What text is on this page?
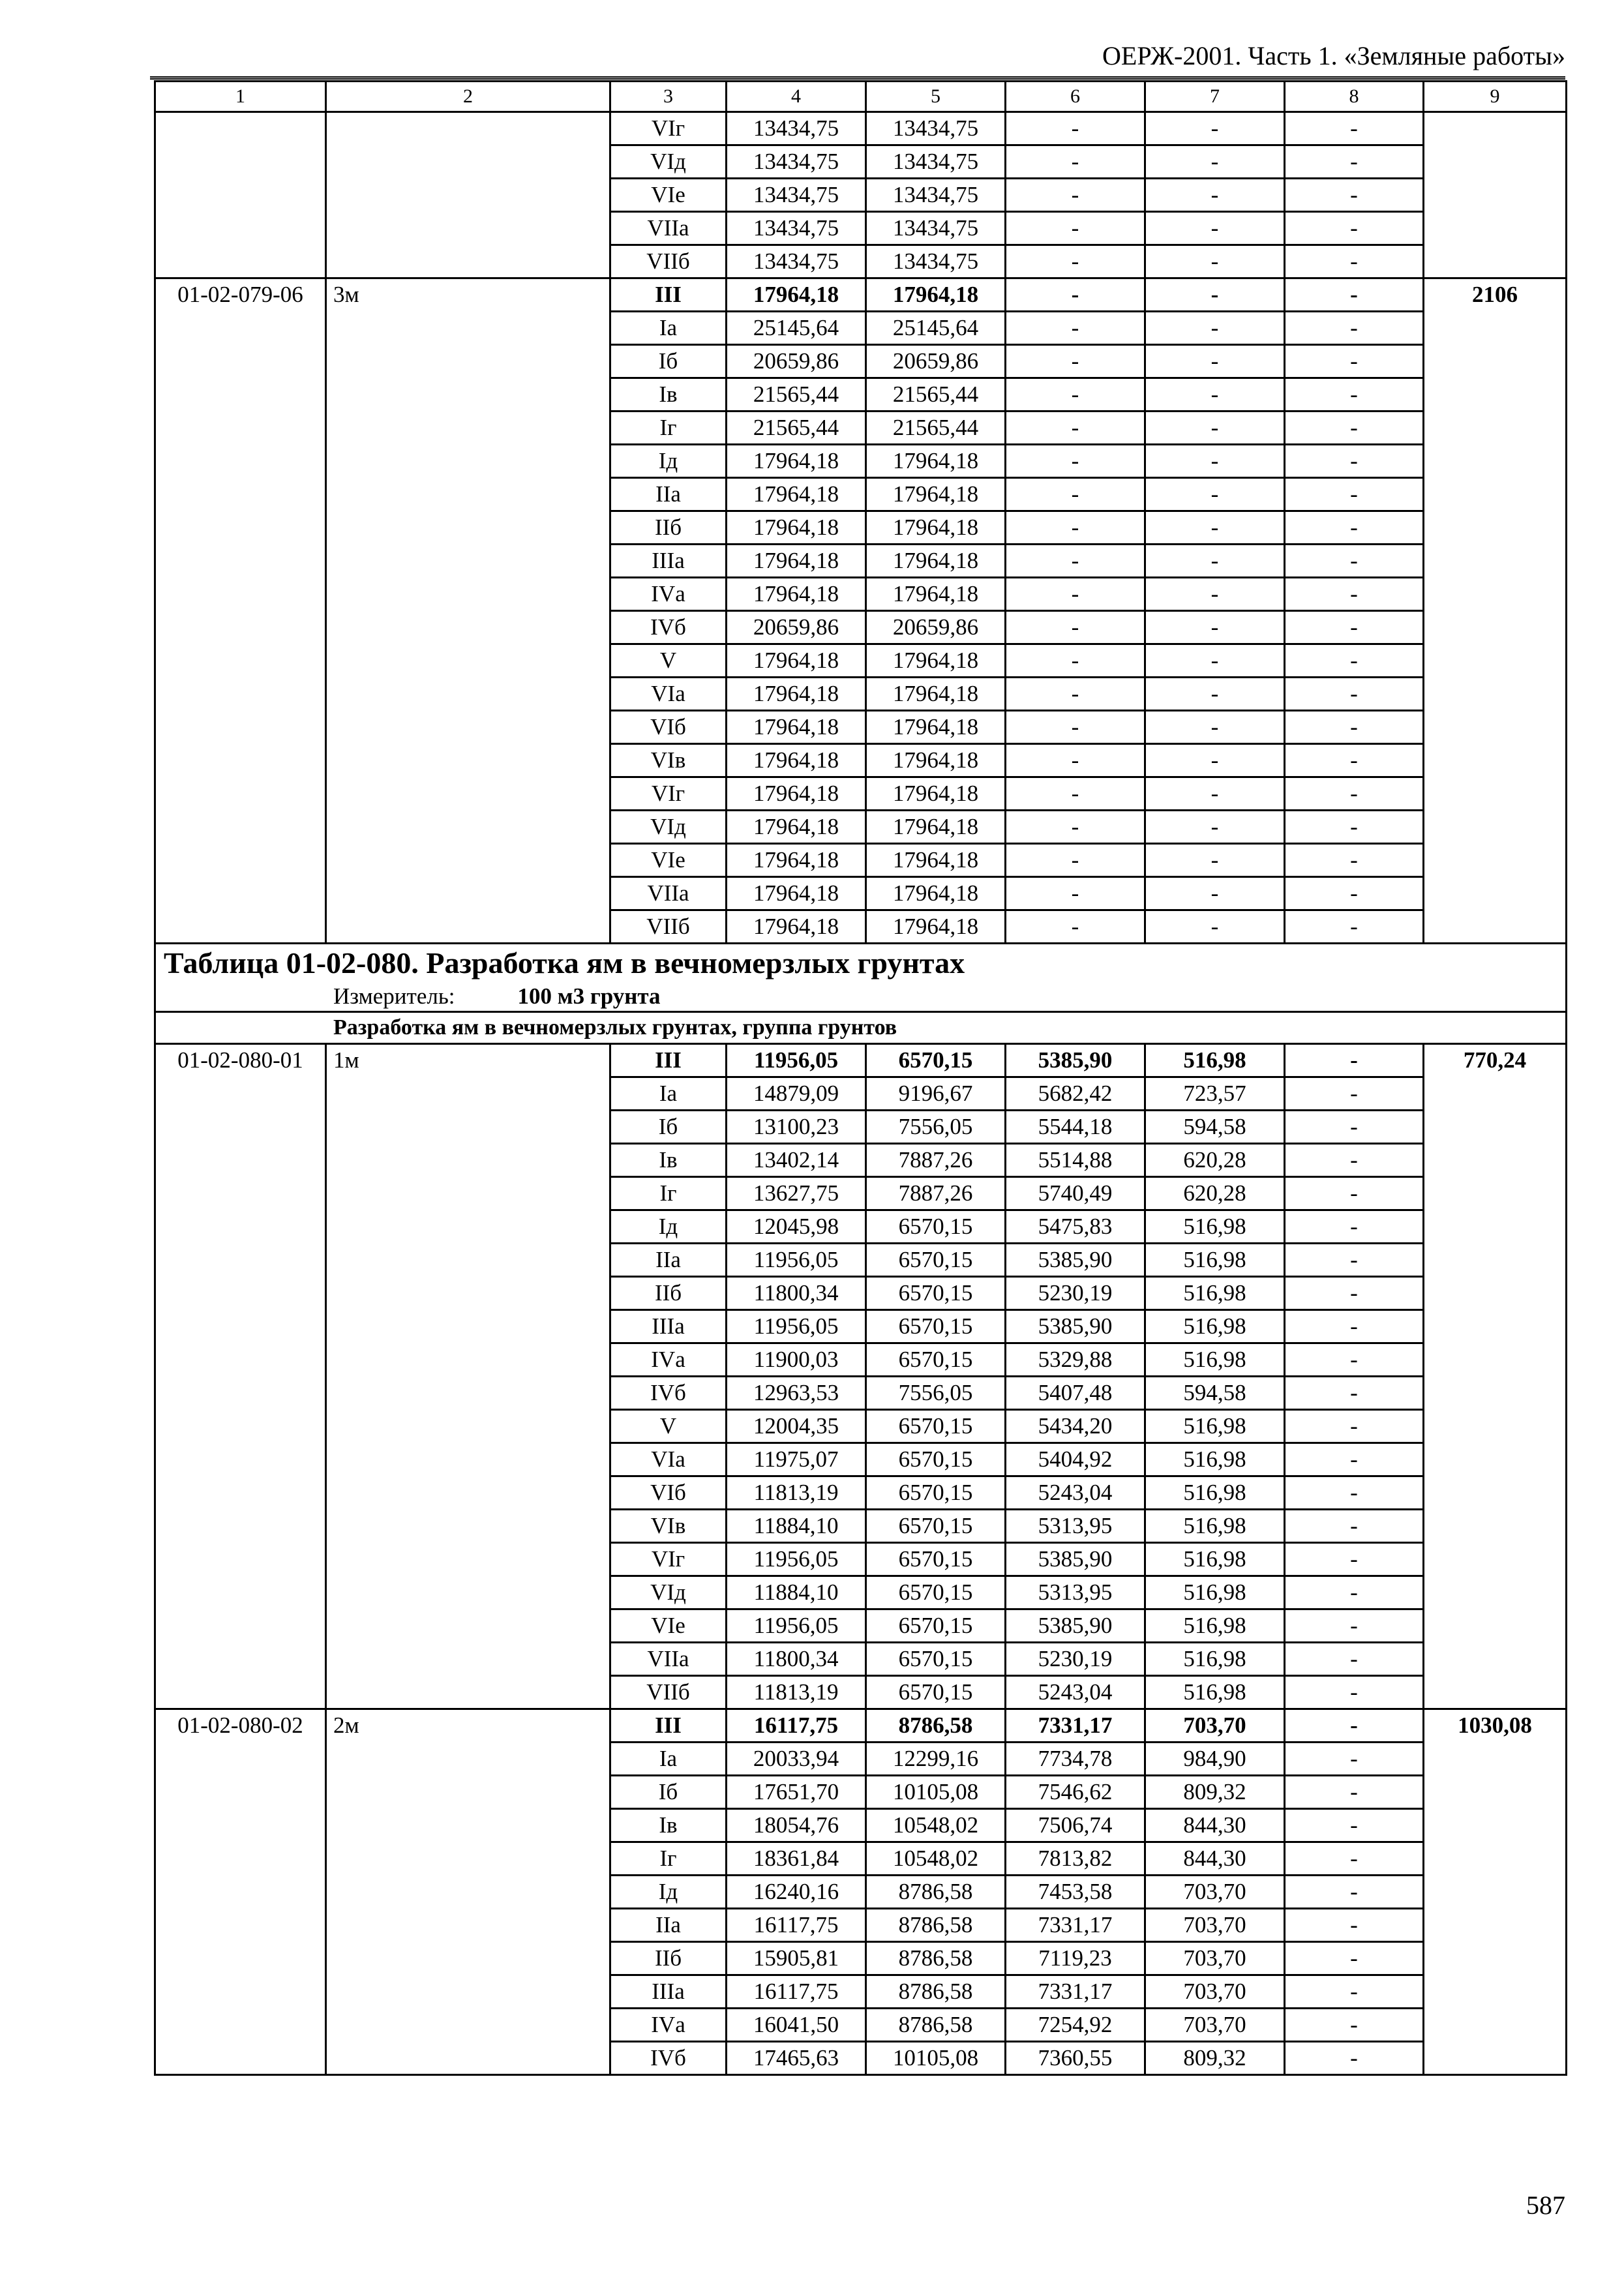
ОЕРЖ-2001. Часть 1. «Земляные работы»
1	2	3	4	5	6	7	8	9
		VIг	13434,75	13434,75	-	-	-	
		VIд	13434,75	13434,75	-	-	-	
		VIе	13434,75	13434,75	-	-	-	
		VIIа	13434,75	13434,75	-	-	-	
		VIIб	13434,75	13434,75	-	-	-	
01-02-079-06	3м	III	17964,18	17964,18	-	-	-	2106
		Iа	25145,64	25145,64	-	-	-	
		Iб	20659,86	20659,86	-	-	-	
		Iв	21565,44	21565,44	-	-	-	
		Iг	21565,44	21565,44	-	-	-	
		Iд	17964,18	17964,18	-	-	-	
		IIа	17964,18	17964,18	-	-	-	
		IIб	17964,18	17964,18	-	-	-	
		IIIа	17964,18	17964,18	-	-	-	
		IVа	17964,18	17964,18	-	-	-	
		IVб	20659,86	20659,86	-	-	-	
		V	17964,18	17964,18	-	-	-	
		VIа	17964,18	17964,18	-	-	-	
		VIб	17964,18	17964,18	-	-	-	
		VIв	17964,18	17964,18	-	-	-	
		VIг	17964,18	17964,18	-	-	-	
		VIд	17964,18	17964,18	-	-	-	
		VIе	17964,18	17964,18	-	-	-	
		VIIа	17964,18	17964,18	-	-	-	
		VIIб	17964,18	17964,18	-	-	-	
Таблица 01-02-080. Разработка ям в вечномерзлых грунтах								
Измеритель: 100 м3 грунта								
Разработка ям в вечномерзлых грунтах, группа грунтов								
01-02-080-01	1м	III	11956,05	6570,15	5385,90	516,98	-	770,24
		Iа	14879,09	9196,67	5682,42	723,57	-	
		Iб	13100,23	7556,05	5544,18	594,58	-	
		Iв	13402,14	7887,26	5514,88	620,28	-	
		Iг	13627,75	7887,26	5740,49	620,28	-	
		Iд	12045,98	6570,15	5475,83	516,98	-	
		IIа	11956,05	6570,15	5385,90	516,98	-	
		IIб	11800,34	6570,15	5230,19	516,98	-	
		IIIа	11956,05	6570,15	5385,90	516,98	-	
		IVа	11900,03	6570,15	5329,88	516,98	-	
		IVб	12963,53	7556,05	5407,48	594,58	-	
		V	12004,35	6570,15	5434,20	516,98	-	
		VIа	11975,07	6570,15	5404,92	516,98	-	
		VIб	11813,19	6570,15	5243,04	516,98	-	
		VIв	11884,10	6570,15	5313,95	516,98	-	
		VIг	11956,05	6570,15	5385,90	516,98	-	
		VIд	11884,10	6570,15	5313,95	516,98	-	
		VIе	11956,05	6570,15	5385,90	516,98	-	
		VIIа	11800,34	6570,15	5230,19	516,98	-	
		VIIб	11813,19	6570,15	5243,04	516,98	-	
01-02-080-02	2м	III	16117,75	8786,58	7331,17	703,70	-	1030,08
		Iа	20033,94	12299,16	7734,78	984,90	-	
		Iб	17651,70	10105,08	7546,62	809,32	-	
		Iв	18054,76	10548,02	7506,74	844,30	-	
		Iг	18361,84	10548,02	7813,82	844,30	-	
		Iд	16240,16	8786,58	7453,58	703,70	-	
		IIа	16117,75	8786,58	7331,17	703,70	-	
		IIб	15905,81	8786,58	7119,23	703,70	-	
		IIIа	16117,75	8786,58	7331,17	703,70	-	
		IVа	16041,50	8786,58	7254,92	703,70	-	
		IVб	17465,63	10105,08	7360,55	809,32	-	
587
